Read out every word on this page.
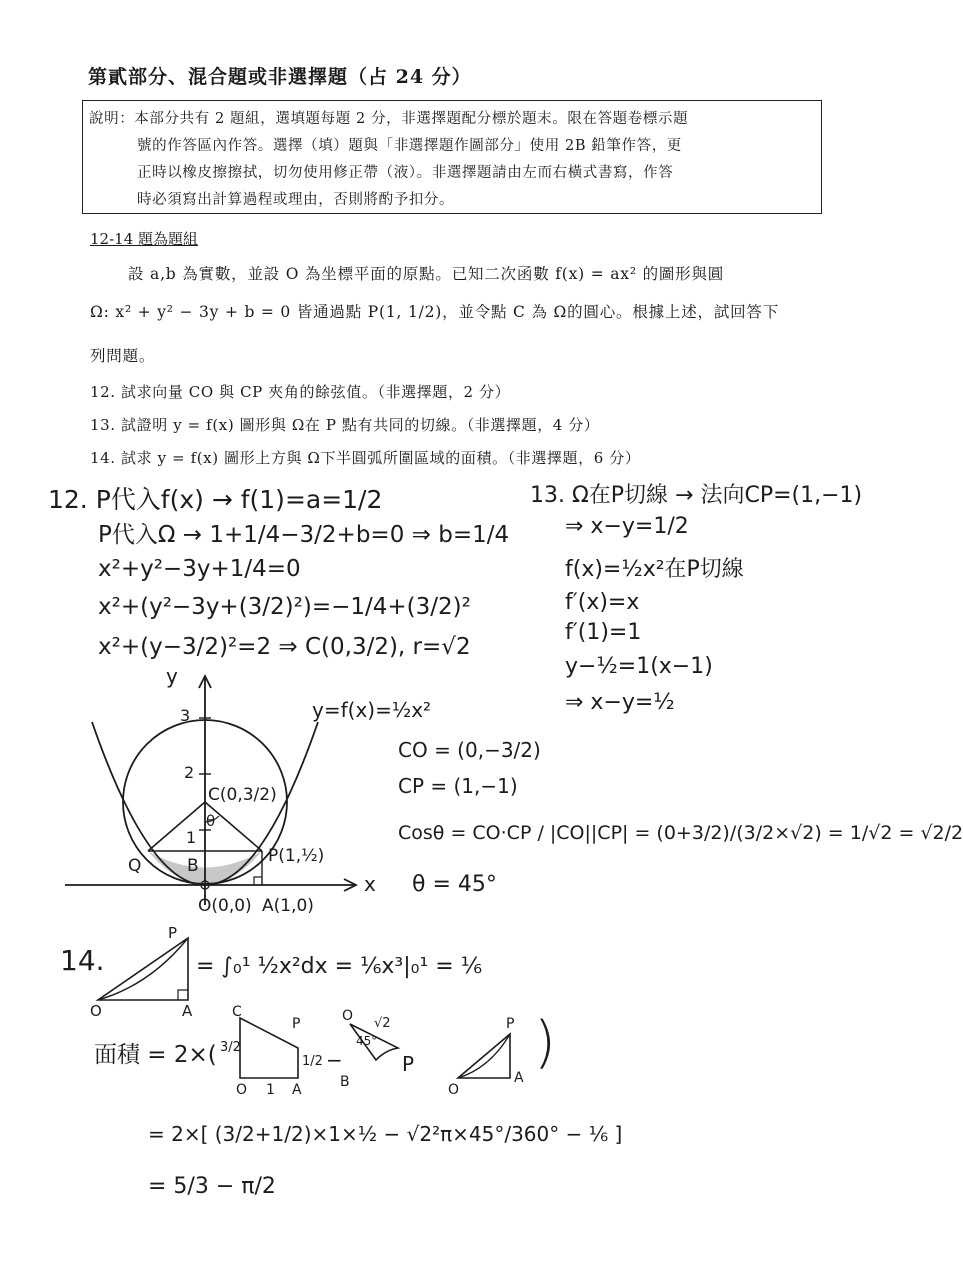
第貳部分、混合題或非選擇題（占 24 分）
說明：本部分共有 2 題組，選填題每題 2 分，非選擇題配分標於題末。限在答題卷標示題
號的作答區內作答。選擇（填）題與「非選擇題作圖部分」使用 2B 鉛筆作答，更
正時以橡皮擦擦拭，切勿使用修正帶（液）。非選擇題請由左而右橫式書寫，作答
時必須寫出計算過程或理由，否則將酌予扣分。
12-14 題為題組
設 a,b 為實數，並設 O 為坐標平面的原點。已知二次函數 f(x) = ax² 的圖形與圓
Ω: x² + y² − 3y + b = 0 皆通過點 P(1, 1/2)，並令點 C 為 Ω的圓心。根據上述，試回答下
列問題。
12. 試求向量 CO 與 CP 夾角的餘弦值。（非選擇題，2 分）
13. 試證明 y = f(x) 圖形與 Ω在 P 點有共同的切線。（非選擇題，4 分）
14. 試求 y = f(x) 圖形上方與 Ω下半圓弧所圍區域的面積。（非選擇題，6 分）
12. P代入f(x) → f(1)=a=1/2
P代入Ω → 1+1/4−3/2+b=0 ⇒ b=1/4
x²+y²−3y+1/4=0
x²+(y²−3y+(3/2)²)=−1/4+(3/2)²
x²+(y−3/2)²=2 ⇒ C(0,3/2), r=√2
13. Ω在P切線 → 法向CP=(1,−1)
⇒ x−y=1/2
f(x)=½x²在P切線
f′(x)=x
f′(1)=1
y−½=1(x−1)
⇒ x−y=½
y
x
3
2
1
y=f(x)=½x²
C(0,3/2)
θ
P(1,½)
Q	B
O(0,0) A(1,0)
CO = (0,−3/2)
CP = (1,−1)
Cosθ = CO·CP / |CO||CP| = (0+3/2)/(3/2×√2) = 1/√2 = √2/2
θ = 45°
14.	= ∫₀¹ ½x²dx = ⅙x³|₀¹ = ⅙
P
O	A
面積 = 2×(
C
P
3/2
1/2
O 1 A
−
O √2
45°
B
P
P
O
A
)
= 2×[ (3/2+1/2)×1×½ − √2²π×45°/360° − ⅙ ]
= 5/3 − π/2
